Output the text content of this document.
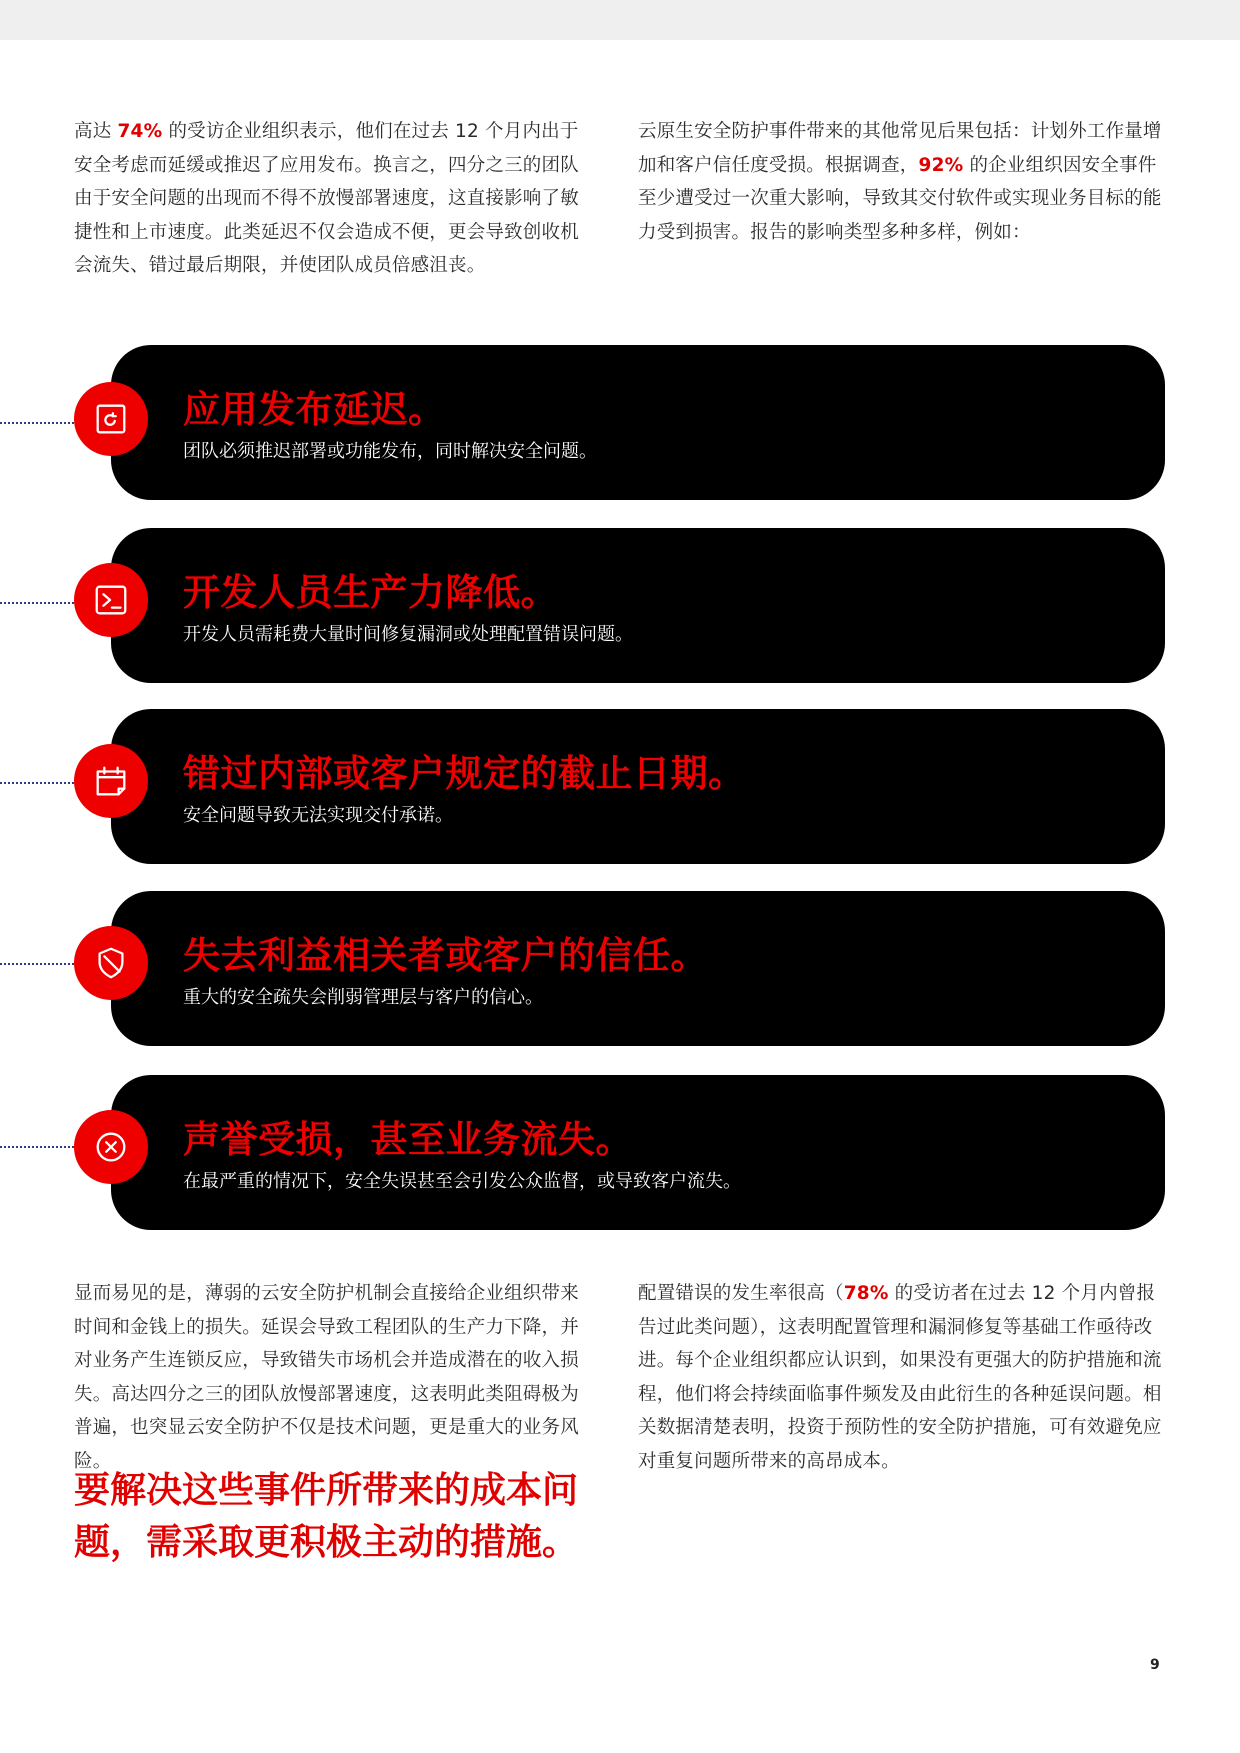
高达 74% 的受访企业组织表示，他们在过去 12 个月内出于安全考虑而延缓或推迟了应用发布。换言之，四分之三的团队由于安全问题的出现而不得不放慢部署速度，这直接影响了敏捷性和上市速度。此类延迟不仅会造成不便，更会导致创收机会流失、错过最后期限，并使团队成员倍感沮丧。

云原生安全防护事件带来的其他常见后果包括：计划外工作量增加和客户信任度受损。根据调查，92% 的企业组织因安全事件至少遭受过一次重大影响，导致其交付软件或实现业务目标的能力受到损害。报告的影响类型多种多样，例如：

应用发布延迟。
团队必须推迟部署或功能发布，同时解决安全问题。
开发人员生产力降低。
开发人员需耗费大量时间修复漏洞或处理配置错误问题。
错过内部或客户规定的截止日期。
安全问题导致无法实现交付承诺。
失去利益相关者或客户的信任。
重大的安全疏失会削弱管理层与客户的信心。
声誉受损，甚至业务流失。
在最严重的情况下，安全失误甚至会引发公众监督，或导致客户流失。

显而易见的是，薄弱的云安全防护机制会直接给企业组织带来时间和金钱上的损失。延误会导致工程团队的生产力下降，并对业务产生连锁反应，导致错失市场机会并造成潜在的收入损失。高达四分之三的团队放慢部署速度，这表明此类阻碍极为普遍，也突显云安全防护不仅是技术问题，更是重大的业务风险。

配置错误的发生率很高（78% 的受访者在过去 12 个月内曾报告过此类问题），这表明配置管理和漏洞修复等基础工作亟待改进。每个企业组织都应认识到，如果没有更强大的防护措施和流程，他们将会持续面临事件频发及由此衍生的各种延误问题。相关数据清楚表明，投资于预防性的安全防护措施，可有效避免应对重复问题所带来的高昂成本。

要解决这些事件所带来的成本问题，需采取更积极主动的措施。

9
